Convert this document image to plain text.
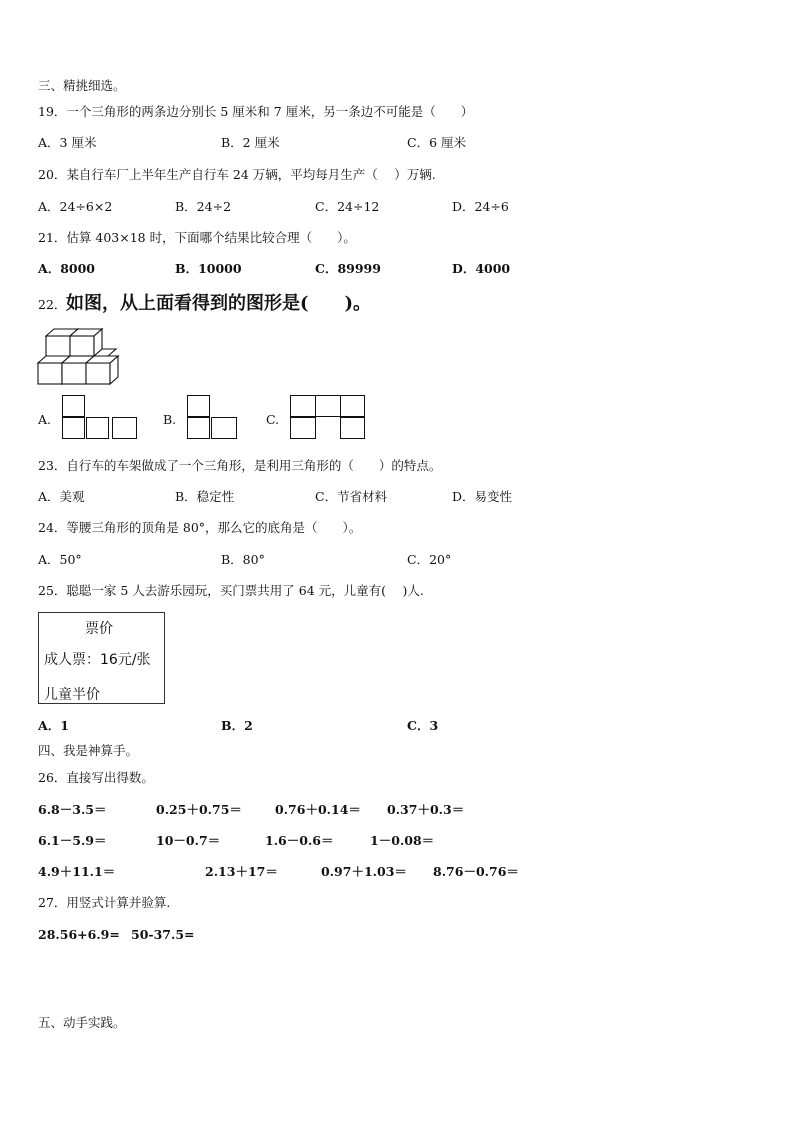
三、精挑细选。
19．一个三角形的两条边分别长 5 厘米和 7 厘米，另一条边不可能是（　　）
A．3 厘米	B．2 厘米	C．6 厘米
20．某自行车厂上半年生产自行车 24 万辆，平均每月生产（　 ）万辆.
A．24÷6×2	B．24÷2	C．24÷12	D．24÷6
21．估算 403×18 时，下面哪个结果比较合理（　　）。
A．8000	B．10000	C．89999	D．4000
22． 如图，从上面看得到的图形是(　　)。
A.	B.	C.
23．自行车的车架做成了一个三角形，是利用三角形的（　　）的特点。
A．美观	B．稳定性	C．节省材料	D．易变性
24．等腰三角形的顶角是 80°，那么它的底角是（　　）。
A．50°	B．80°	C．20°
25．聪聪一家 5 人去游乐园玩，买门票共用了 64 元，儿童有(　 )人.
票价
成人票：16元/张
儿童半价
A．1	B．2	C．3
四、我是神算手。
26．直接写出得数。
6.8－3.5＝	0.25＋0.75＝	0.76＋0.14＝ 0.37＋0.3＝
6.1－5.9＝	10－0.7＝	1.6－0.6＝	1－0.08＝
4.9＋11.1＝	2.13＋17＝	0.97＋1.03＝ 8.76－0.76＝
27．用竖式计算并验算.
28.56+6.9= 50-37.5=
五、动手实践。
